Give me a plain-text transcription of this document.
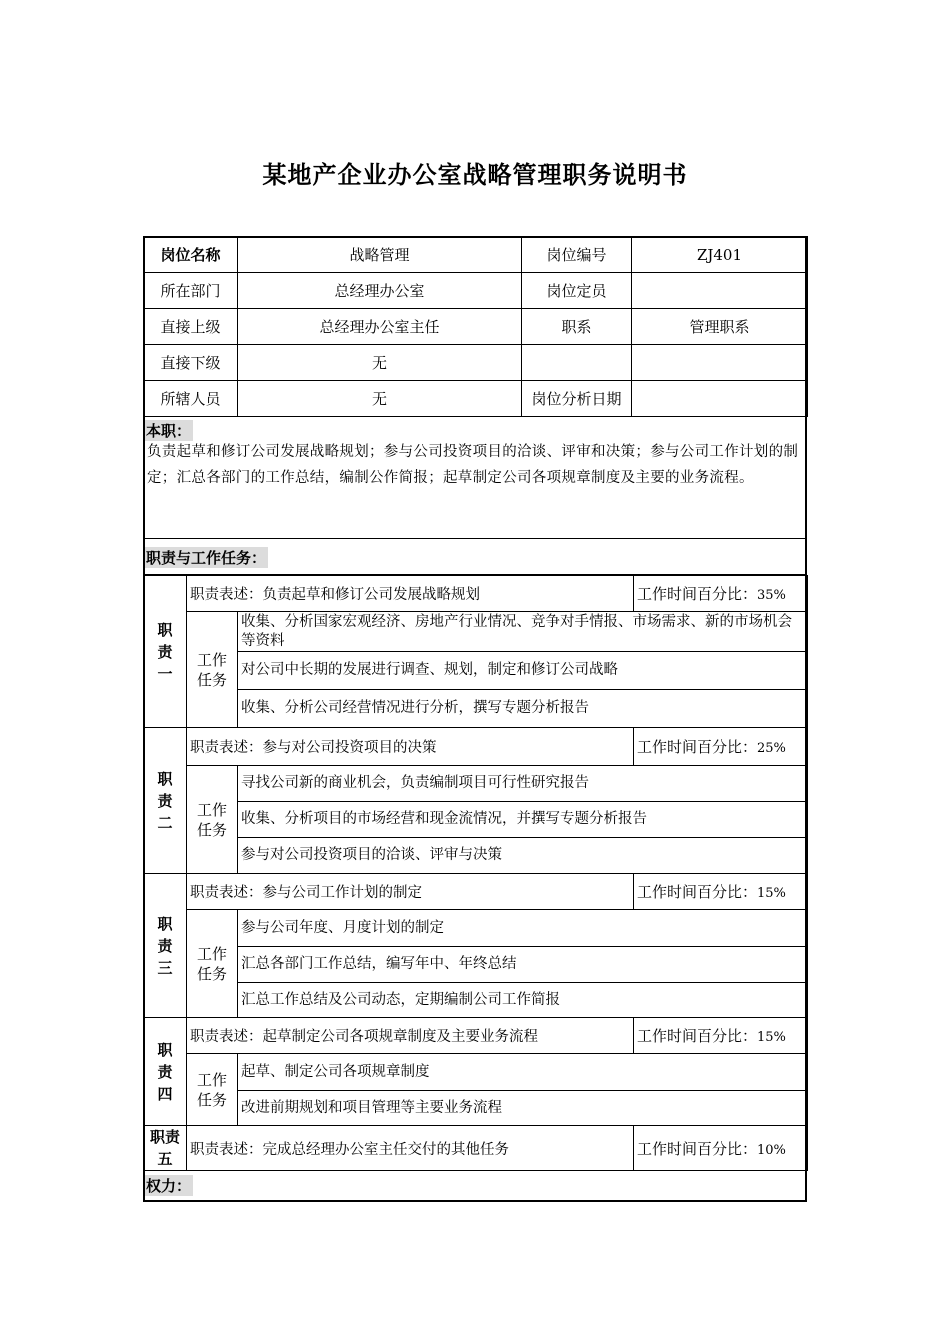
某地产企业办公室战略管理职务说明书
岗位名称	战略管理	岗位编号	ZJ401
所在部门	总经理办公室	岗位定员	
直接上级	总经理办公室主任	职系	管理职系
直接下级	无		
所辖人员	无	岗位分析日期	
本职：
负责起草和修订公司发展战略规划；参与公司投资项目的洽谈、评审和决策；参与公司工作计划的制定；汇总各部门的工作总结，编制公作简报；起草制定公司各项规章制度及主要的业务流程。
职责与工作任务：
职
责
一	职责表述：负责起草和修订公司发展战略规划		工作时间百分比：35%

	工作任务	收集、分析国家宏观经济、房地产行业情况、竞争对手情报、市场需求、新的市场机会等资料	
		对公司中长期的发展进行调查、规划，制定和修订公司战略	
		收集、分析公司经营情况进行分析，撰写专题分析报告	

职
责
二	职责表述：参与对公司投资项目的决策		工作时间百分比：25%

	工作任务	寻找公司新的商业机会，负责编制项目可行性研究报告	
		收集、分析项目的市场经营和现金流情况，并撰写专题分析报告	
		参与对公司投资项目的洽谈、评审与决策	

职
责
三	职责表述：参与公司工作计划的制定		工作时间百分比：15%

	工作任务	参与公司年度、月度计划的制定	
		汇总各部门工作总结，编写年中、年终总结	
		汇总工作总结及公司动态，定期编制公司工作简报	

职
责
四	职责表述：起草制定公司各项规章制度及主要业务流程		工作时间百分比：15%

	工作任务	起草、制定公司各项规章制度	
		改进前期规划和项目管理等主要业务流程	

职责
五	职责表述：完成总经理办公室主任交付的其他任务		工作时间百分比：10%
权力：
